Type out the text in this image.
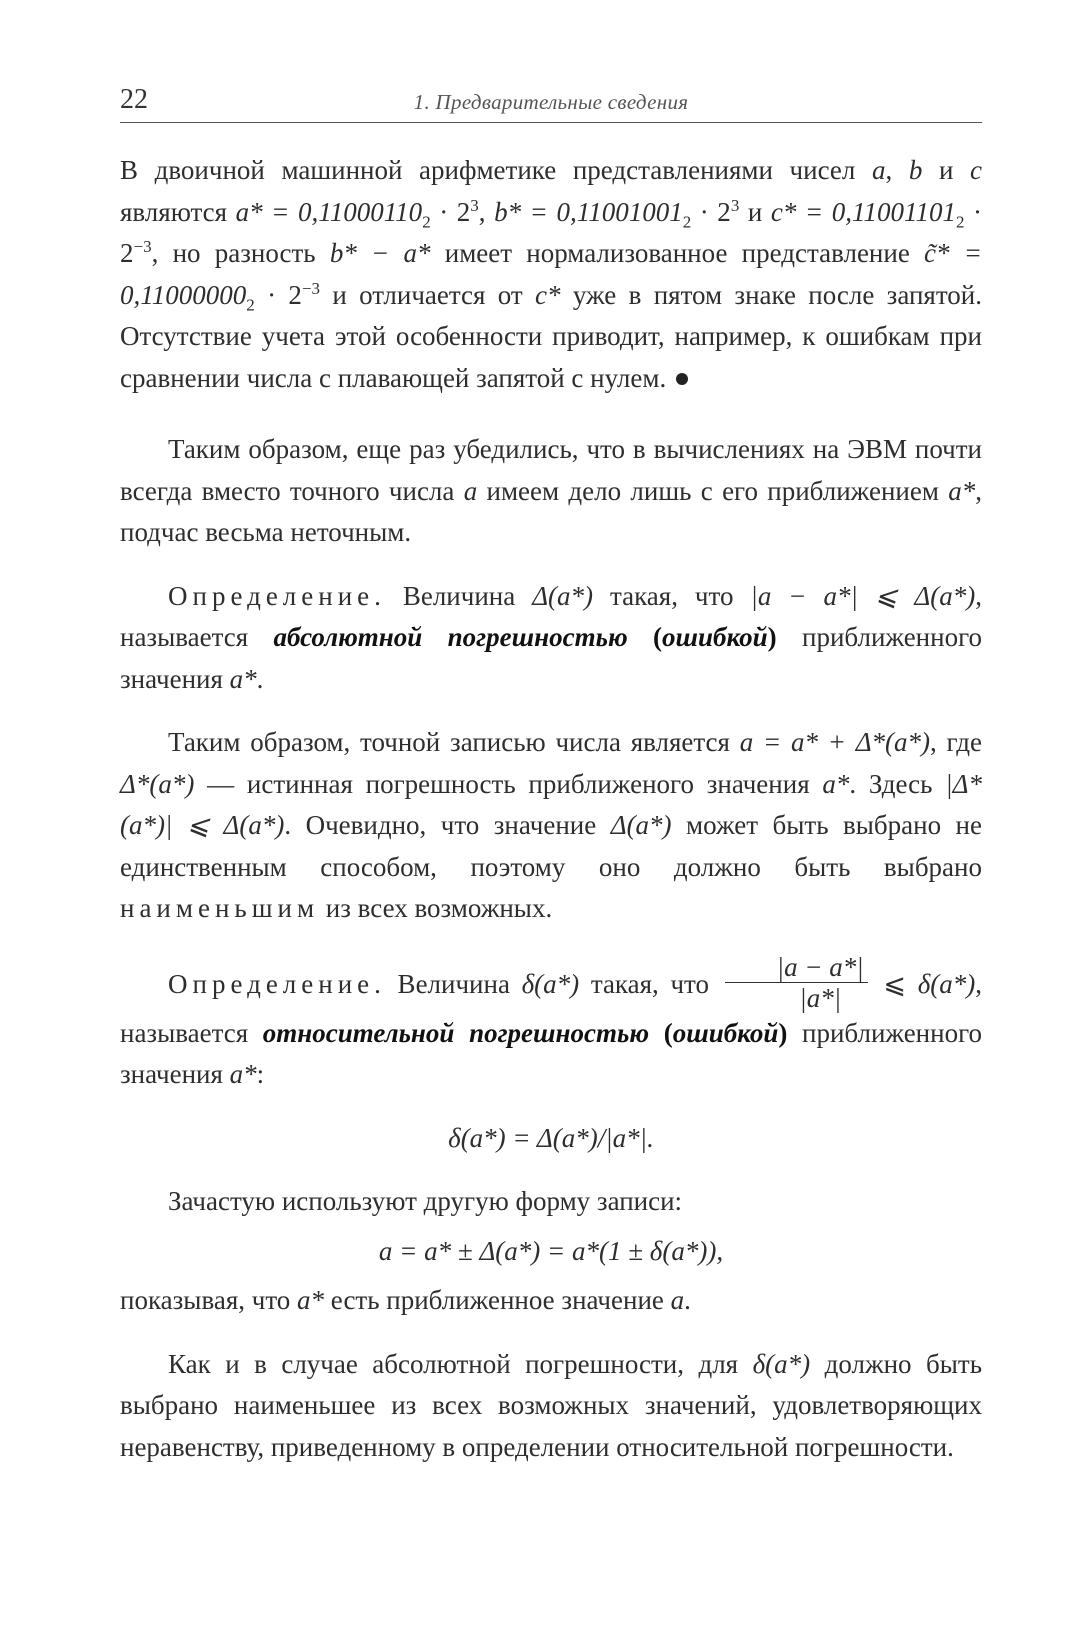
22	1. Предварительные сведения

В двоичной машинной арифметике представлениями чисел a, b и c являются $a* = 0,11000110_2 \cdot 2^3$, $b* = 0,11001001_2 \cdot 2^3$ и $c* = 0,11001101_2 \cdot 2^{-3}$, но разность b* − a* имеет нормализованное представление c̃* = $0,11000000_2 \cdot 2^{-3}$ и отличается от c* уже в пятом знаке после запятой. Отсутствие учета этой особенности приводит, например, к ошибкам при сравнении числа с плавающей запятой с нулем.

Таким образом, еще раз убедились, что в вычислениях на ЭВМ почти всегда вместо точного числа a имеем дело лишь с его приближением a*, подчас весьма неточным.

Определение. Величина Δ(a*) такая, что |a − a*| ⩽ Δ(a*), называется абсолютной погрешностью (ошибкой) приближенного значения a*.

Таким образом, точной записью числа является a = a* + Δ*(a*), где Δ*(a*) — истинная погрешность приближеного значения a*. Здесь |Δ*(a*)| ⩽ Δ(a*). Очевидно, что значение Δ(a*) может быть выбрано не единственным способом, поэтому оно должно быть выбрано наименьшим из всех возможных.

Определение. Величина δ(a*) такая, что $\frac{|a - a*|}{|a*|}$ ⩽ δ(a*), называется относительной погрешностью (ошибкой) приближенного значения a*:

δ(a*) = Δ(a*)/|a*|.

Зачастую используют другую форму записи:

a = a* ± Δ(a*) = a*(1 ± δ(a*)),

показывая, что a* есть приближенное значение a.

Как и в случае абсолютной погрешности, для δ(a*) должно быть выбрано наименьшее из всех возможных значений, удовлетворяющих неравенству, приведенному в определении относительной погрешности.
